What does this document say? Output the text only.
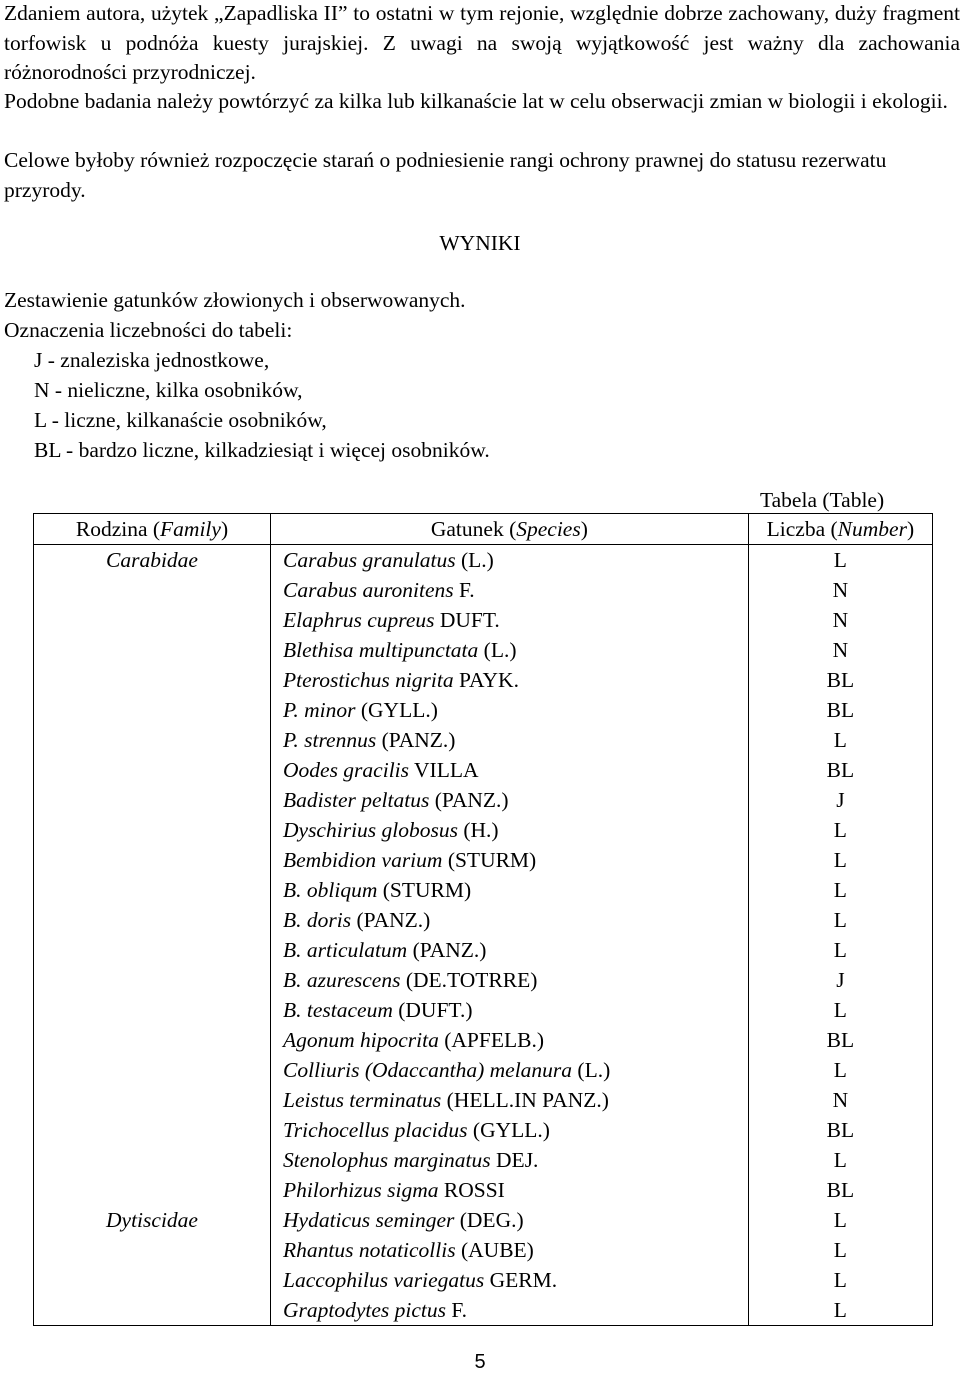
Zdaniem autora, użytek „Zapadliska II” to ostatni w tym rejonie, względnie dobrze zachowany, duży fragment torfowisk u podnóża kuesty jurajskiej. Z uwagi na swoją wyjątkowość jest ważny dla zachowania różnorodności przyrodniczej.

Podobne badania należy powtórzyć za kilka lub kilkanaście lat w celu obserwacji zmian w biologii i ekologii.

Celowe byłoby również rozpoczęcie starań o podniesienie rangi ochrony prawnej do statusu rezerwatu przyrody.

WYNIKI
Zestawienie gatunków złowionych i obserwowanych.
Oznaczenia liczebności do tabeli:
J - znaleziska jednostkowe,
N - nieliczne, kilka osobników,
L - liczne, kilkanaście osobników,
BL - bardzo liczne, kilkadziesiąt i więcej osobników.
Tabela (Table)
Rodzina (Family)	Gatunek (Species)	Liczba (Number)
Carabidae	Carabus granulatus (L.)	L
	Carabus auronitens F.	N
	Elaphrus cupreus DUFT.	N
	Blethisa multipunctata (L.)	N
	Pterostichus nigrita PAYK.	BL
	P. minor (GYLL.)	BL
	P. strennus (PANZ.)	L
	Oodes gracilis VILLA	BL
	Badister peltatus (PANZ.)	J
	Dyschirius globosus (H.)	L
	Bembidion varium (STURM)	L
	B. obliqum (STURM)	L
	B. doris (PANZ.)	L
	B. articulatum (PANZ.)	L
	B. azurescens (DE.TOTRRE)	J
	B. testaceum (DUFT.)	L
	Agonum hipocrita (APFELB.)	BL
	Colliuris (Odaccantha) melanura (L.)	L
	Leistus terminatus (HELL.IN PANZ.)	N
	Trichocellus placidus (GYLL.)	BL
	Stenolophus marginatus DEJ.	L
	Philorhizus sigma ROSSI	BL
Dytiscidae	Hydaticus seminger (DEG.)	L
	Rhantus notaticollis (AUBE)	L
	Laccophilus variegatus GERM.	L
	Graptodytes pictus F.	L
5
